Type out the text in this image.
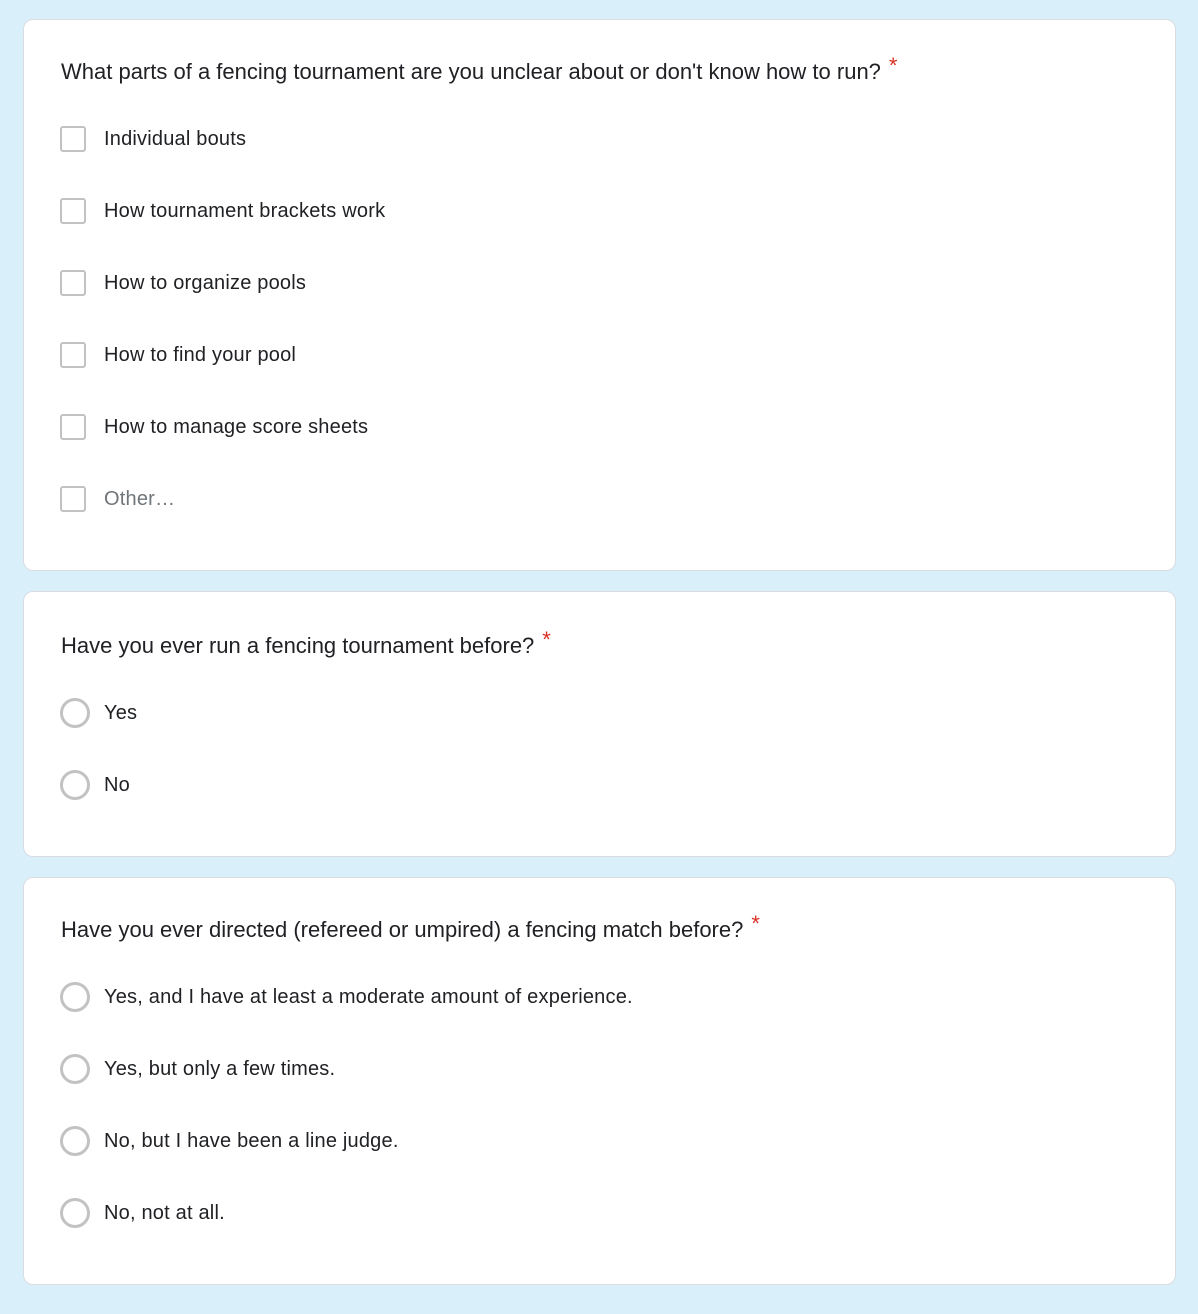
What parts of a fencing tournament are you unclear about or don't know how to run? *
Individual bouts
How tournament brackets work
How to organize pools
How to find your pool
How to manage score sheets
Other…
Have you ever run a fencing tournament before? *
Yes
No
Have you ever directed (refereed or umpired) a fencing match before? *
Yes, and I have at least a moderate amount of experience.
Yes, but only a few times.
No, but I have been a line judge.
No, not at all.
